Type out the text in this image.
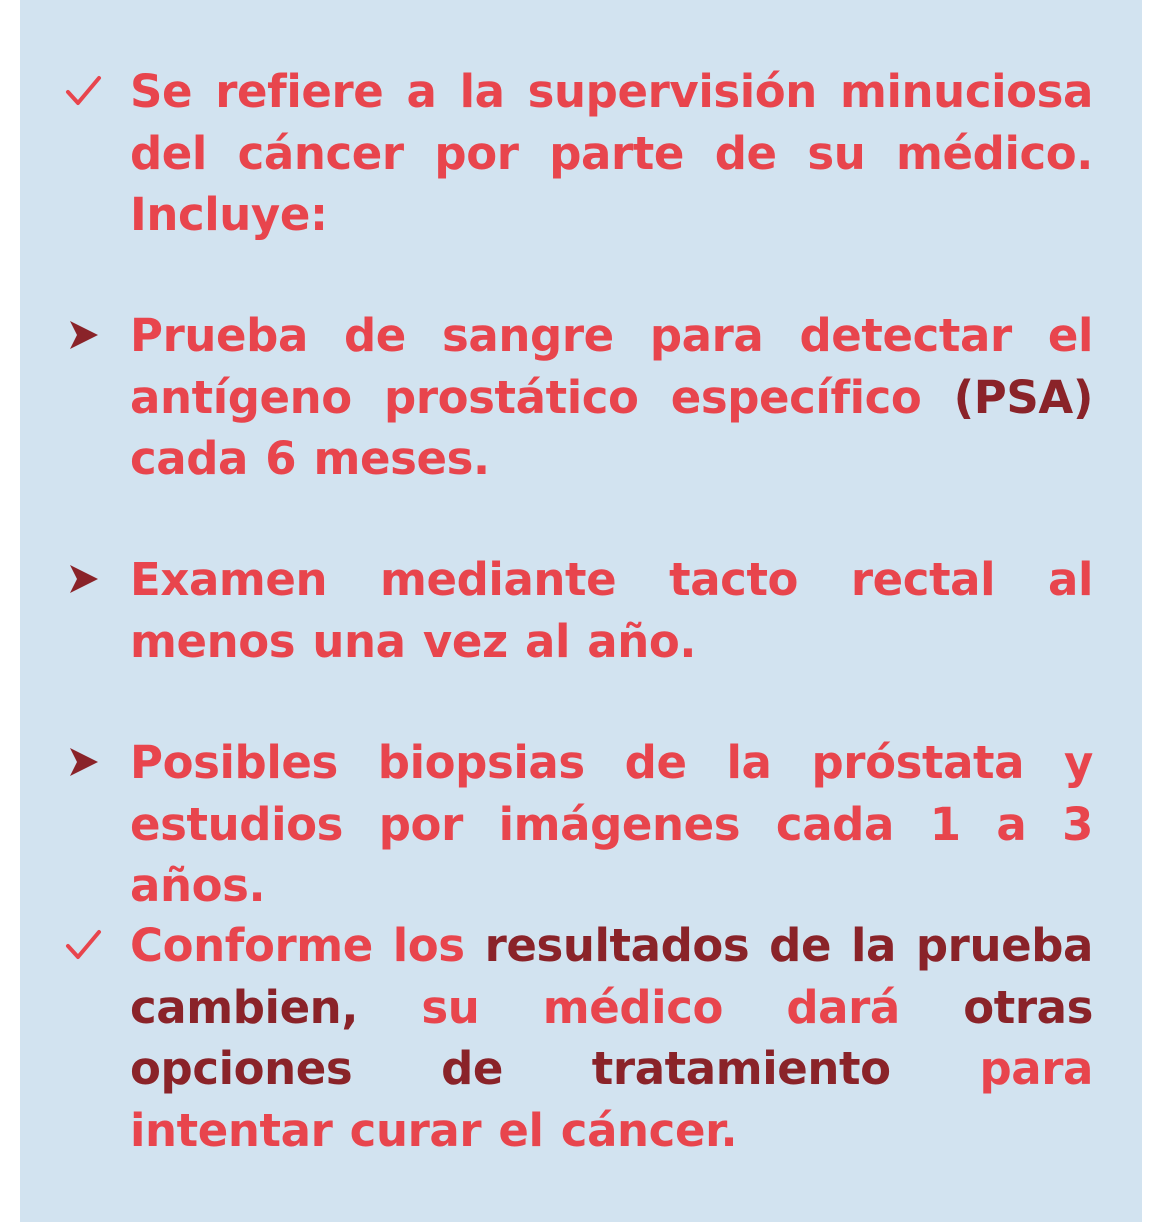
Se refiere a la supervisión minuciosa del cáncer por parte de su médico. Incluye:
Prueba de sangre para detectar el antígeno prostático específico (PSA) cada 6 meses.
Examen mediante tacto rectal al menos una vez al año.
Posibles biopsias de la próstata y estudios por imágenes cada 1 a 3 años.
Conforme los resultados de la prueba cambien, su médico dará otras opciones de tratamiento para intentar curar el cáncer.
